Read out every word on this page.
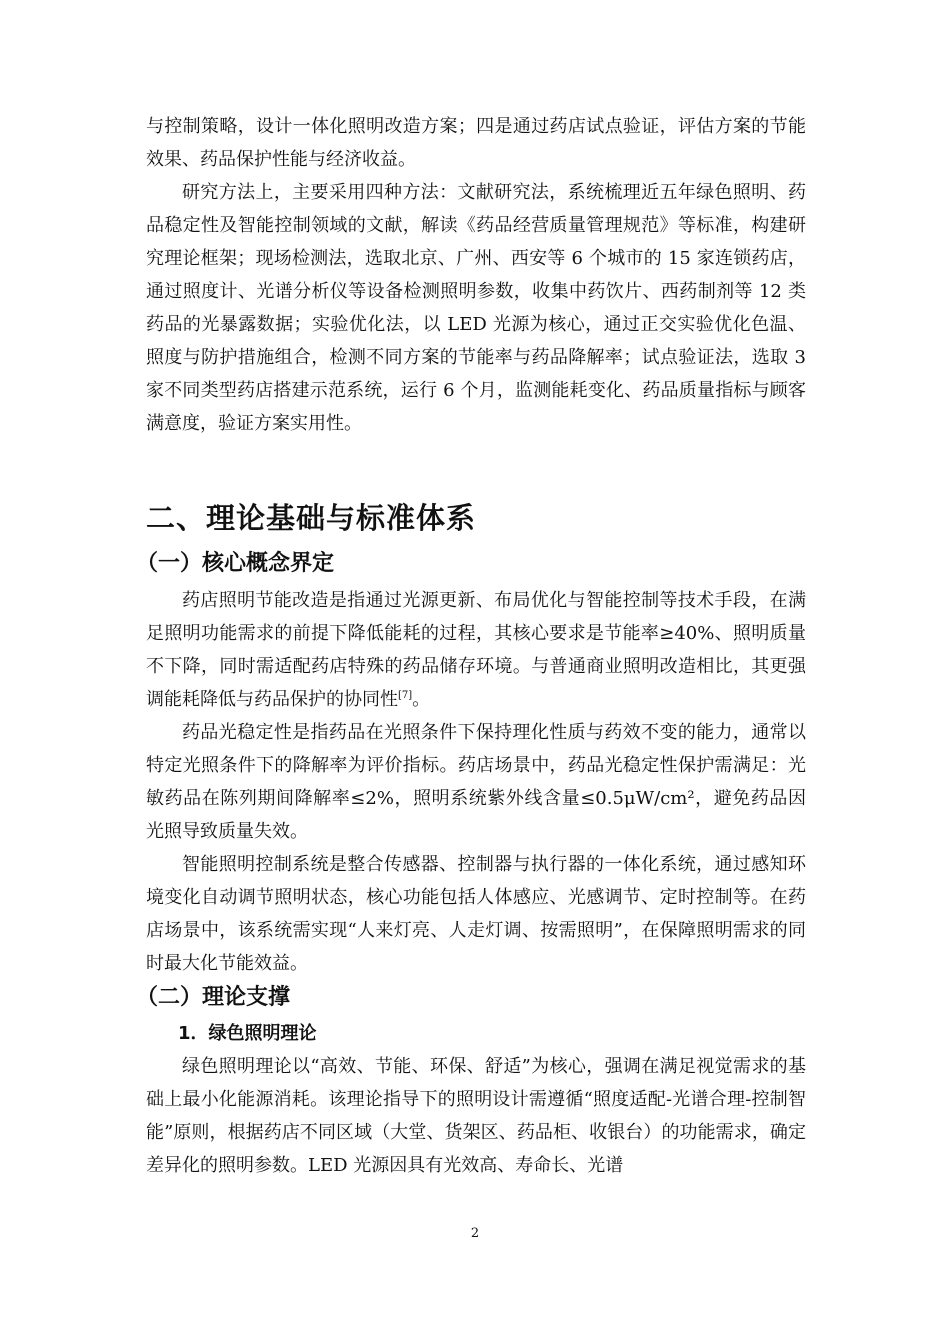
与控制策略，设计一体化照明改造方案；四是通过药店试点验证，评估方案的节能效果、药品保护性能与经济收益。

研究方法上，主要采用四种方法：文献研究法，系统梳理近五年绿色照明、药品稳定性及智能控制领域的文献，解读《药品经营质量管理规范》等标准，构建研究理论框架；现场检测法，选取北京、广州、西安等 6 个城市的 15 家连锁药店，通过照度计、光谱分析仪等设备检测照明参数，收集中药饮片、西药制剂等 12 类药品的光暴露数据；实验优化法，以 LED 光源为核心，通过正交实验优化色温、照度与防护措施组合，检测不同方案的节能率与药品降解率；试点验证法，选取 3 家不同类型药店搭建示范系统，运行 6 个月，监测能耗变化、药品质量指标与顾客满意度，验证方案实用性。

二、理论基础与标准体系
（一）核心概念界定

药店照明节能改造是指通过光源更新、布局优化与智能控制等技术手段，在满足照明功能需求的前提下降低能耗的过程，其核心要求是节能率≥40%、照明质量不下降，同时需适配药店特殊的药品储存环境。与普通商业照明改造相比，其更强调能耗降低与药品保护的协同性[7]。

药品光稳定性是指药品在光照条件下保持理化性质与药效不变的能力，通常以特定光照条件下的降解率为评价指标。药店场景中，药品光稳定性保护需满足：光敏药品在陈列期间降解率≤2%，照明系统紫外线含量≤0.5μW/cm²，避免药品因光照导致质量失效。

智能照明控制系统是整合传感器、控制器与执行器的一体化系统，通过感知环境变化自动调节照明状态，核心功能包括人体感应、光感调节、定时控制等。在药店场景中，该系统需实现“人来灯亮、人走灯调、按需照明”，在保障照明需求的同时最大化节能效益。

（二）理论支撑
1．绿色照明理论

绿色照明理论以“高效、节能、环保、舒适”为核心，强调在满足视觉需求的基础上最小化能源消耗。该理论指导下的照明设计需遵循“照度适配-光谱合理-控制智能”原则，根据药店不同区域（大堂、货架区、药品柜、收银台）的功能需求，确定差异化的照明参数。LED 光源因具有光效高、寿命长、光谱

2
